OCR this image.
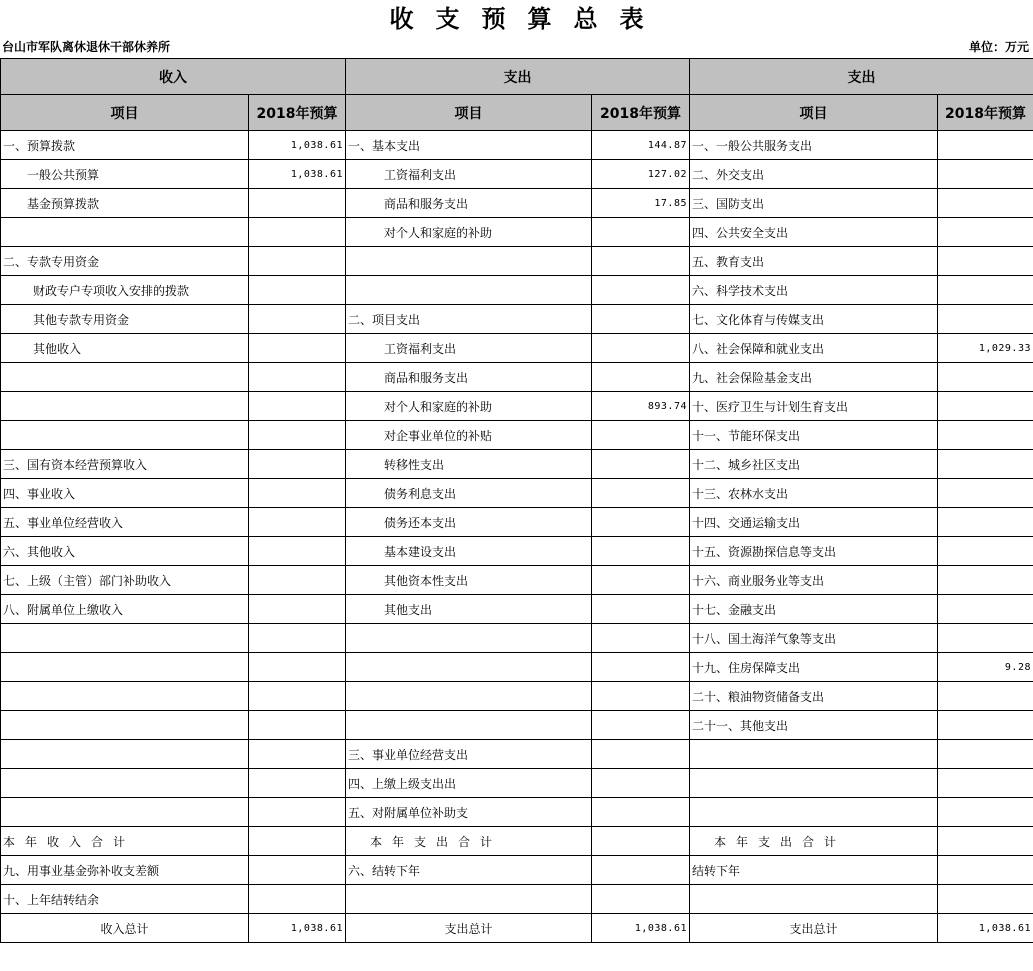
收支预算总表
台山市军队离休退休干部休养所	单位：万元
收入		支出		支出	
项目	2018年预算	项目	2018年预算	项目	2018年预算
一、预算拨款	1,038.61	一、基本支出	144.87	一、一般公共服务支出	
一般公共预算	1,038.61	工资福利支出	127.02	二、外交支出	
基金预算拨款		商品和服务支出	17.85	三、国防支出	
		对个人和家庭的补助		四、公共安全支出	
二、专款专用资金				五、教育支出	
财政专户专项收入安排的拨款				六、科学技术支出	
其他专款专用资金		二、项目支出		七、文化体育与传媒支出	
其他收入		工资福利支出		八、社会保障和就业支出	1,029.33
		商品和服务支出		九、社会保险基金支出	
		对个人和家庭的补助	893.74	十、医疗卫生与计划生育支出	
		对企事业单位的补贴		十一、节能环保支出	
三、国有资本经营预算收入		转移性支出		十二、城乡社区支出	
四、事业收入		债务利息支出		十三、农林水支出	
五、事业单位经营收入		债务还本支出		十四、交通运输支出	
六、其他收入		基本建设支出		十五、资源勘探信息等支出	
七、上级（主管）部门补助收入		其他资本性支出		十六、商业服务业等支出	
八、附属单位上缴收入		其他支出		十七、金融支出	
				十八、国土海洋气象等支出	
				十九、住房保障支出	9.28
				二十、粮油物资储备支出	
				二十一、其他支出	
		三、事业单位经营支出			
		四、上缴上级支出出			
		五、对附属单位补助支			
本年收入合计		本年支出合计		本年支出合计	
九、用事业基金弥补收支差额		六、结转下年		结转下年	
十、上年结转结余					
收入总计	1,038.61	支出总计	1,038.61	支出总计	1,038.61
